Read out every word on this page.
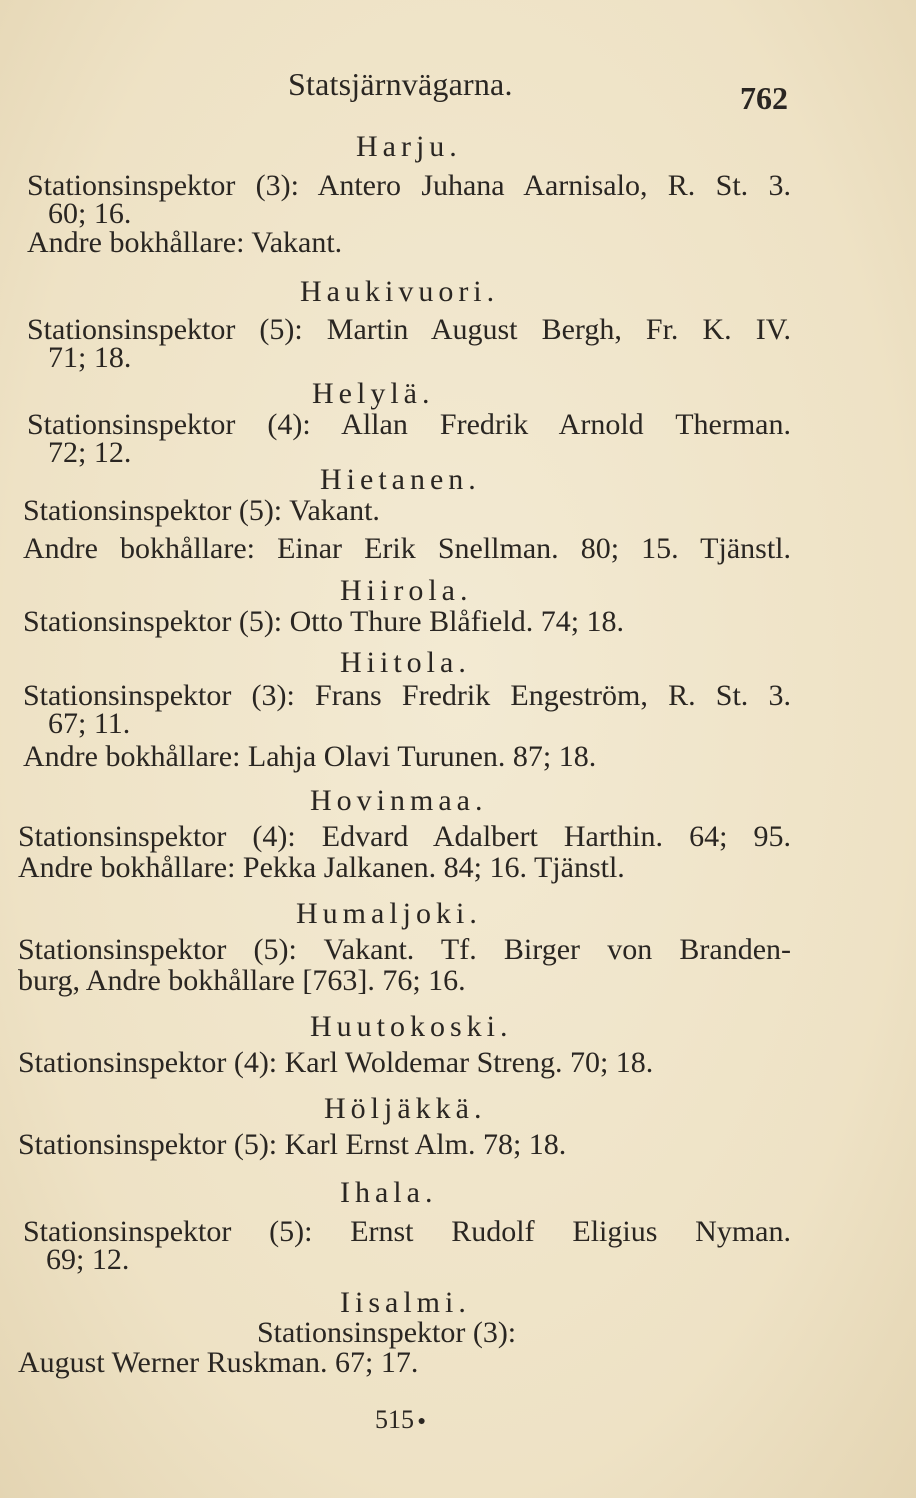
Statsjärnvägarna.	762
Harju.
Stationsinspektor (3): Antero Juhana Aarnisalo, R. St. 3.
60; 16.
Andre bokhållare: Vakant.
Haukivuori.
Stationsinspektor (5): Martin August Bergh, Fr. K. IV.
71; 18.
Helylä.
Stationsinspektor (4): Allan Fredrik Arnold Therman.
72; 12.
Hietanen.
Stationsinspektor (5): Vakant.
Andre bokhållare: Einar Erik Snellman. 80; 15. Tjänstl.
Hiirola.
Stationsinspektor (5): Otto Thure Blåfield. 74; 18.
Hiitola.
Stationsinspektor (3): Frans Fredrik Engeström, R. St. 3.
67; 11.
Andre bokhållare: Lahja Olavi Turunen. 87; 18.
Hovinmaa.
Stationsinspektor (4): Edvard Adalbert Harthin. 64; 95.
Andre bokhållare: Pekka Jalkanen. 84; 16. Tjänstl.
Humaljoki.
Stationsinspektor (5): Vakant. Tf. Birger von Branden-
burg, Andre bokhållare [763]. 76; 16.
Huutokoski.
Stationsinspektor (4): Karl Woldemar Streng. 70; 18.
Höljäkkä.
Stationsinspektor (5): Karl Ernst Alm. 78; 18.
Ihala.
Stationsinspektor (5): Ernst Rudolf Eligius Nyman.
69; 12.
Iisalmi.
Stationsinspektor (3):
August Werner Ruskman. 67; 17.
515 ●
